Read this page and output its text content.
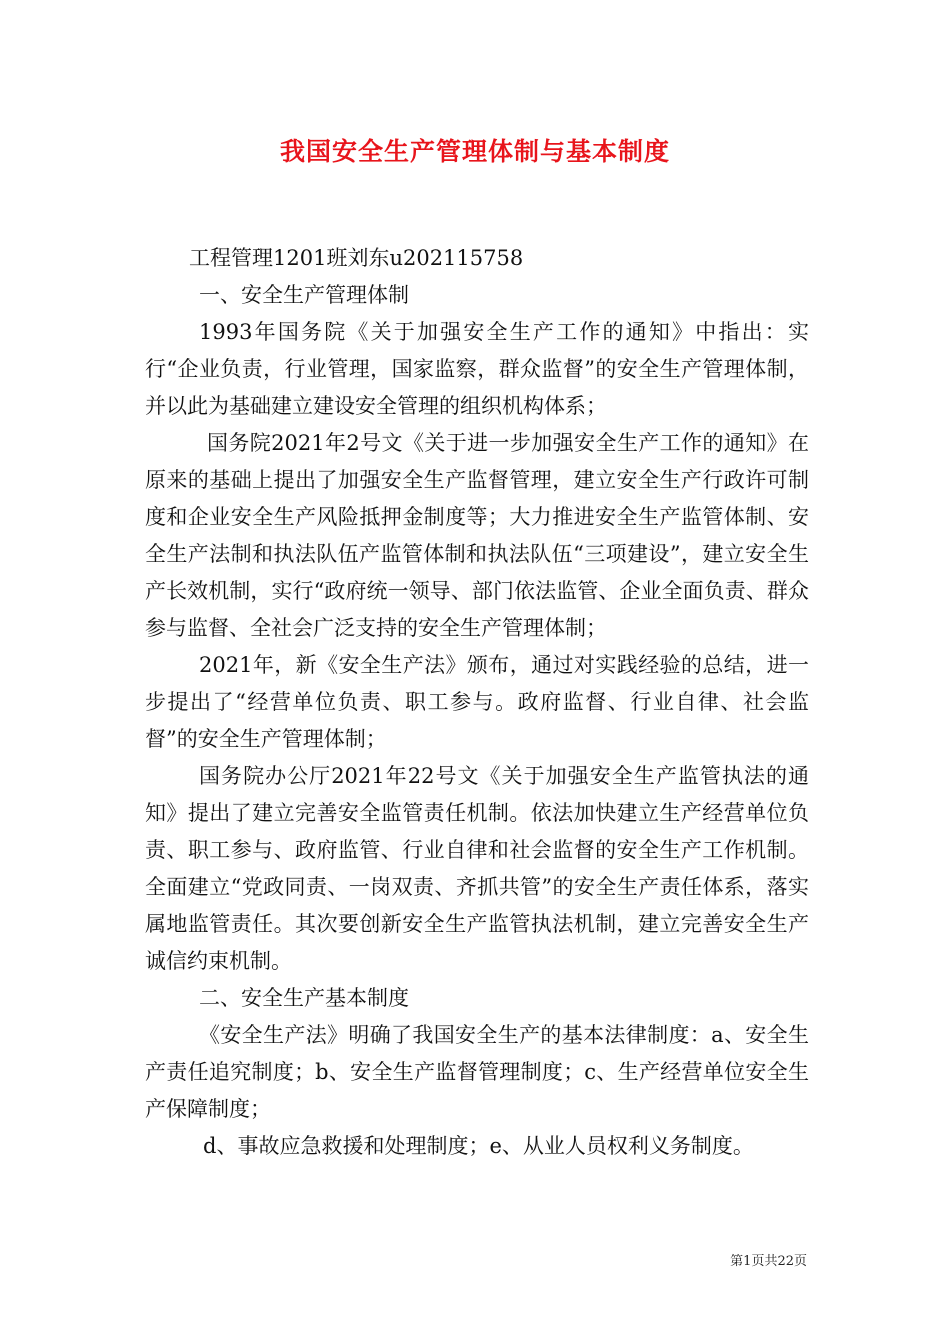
我国安全生产管理体制与基本制度

工程管理1201班刘东u202115758

一、安全生产管理体制

1993年国务院《关于加强安全生产工作的通知》中指出：实行“企业负责，行业管理，国家监察，群众监督”的安全生产管理体制，并以此为基础建立建设安全管理的组织机构体系；

国务院2021年2号文《关于进一步加强安全生产工作的通知》在原来的基础上提出了加强安全生产监督管理，建立安全生产行政许可制度和企业安全生产风险抵押金制度等；大力推进安全生产监管体制、安全生产法制和执法队伍产监管体制和执法队伍“三项建设”，建立安全生产长效机制，实行“政府统一领导、部门依法监管、企业全面负责、群众参与监督、全社会广泛支持的安全生产管理体制；

2021年，新《安全生产法》颁布，通过对实践经验的总结，进一步提出了“经营单位负责、职工参与。政府监督、行业自律、社会监督”的安全生产管理体制；

国务院办公厅2021年22号文《关于加强安全生产监管执法的通知》提出了建立完善安全监管责任机制。依法加快建立生产经营单位负责、职工参与、政府监管、行业自律和社会监督的安全生产工作机制。全面建立“党政同责、一岗双责、齐抓共管”的安全生产责任体系，落实属地监管责任。其次要创新安全生产监管执法机制，建立完善安全生产诚信约束机制。

二、安全生产基本制度

《安全生产法》明确了我国安全生产的基本法律制度：a、安全生产责任追究制度；b、安全生产监督管理制度；c、生产经营单位安全生产保障制度；

d、事故应急救援和处理制度；e、从业人员权利义务制度。

第1页共22页
